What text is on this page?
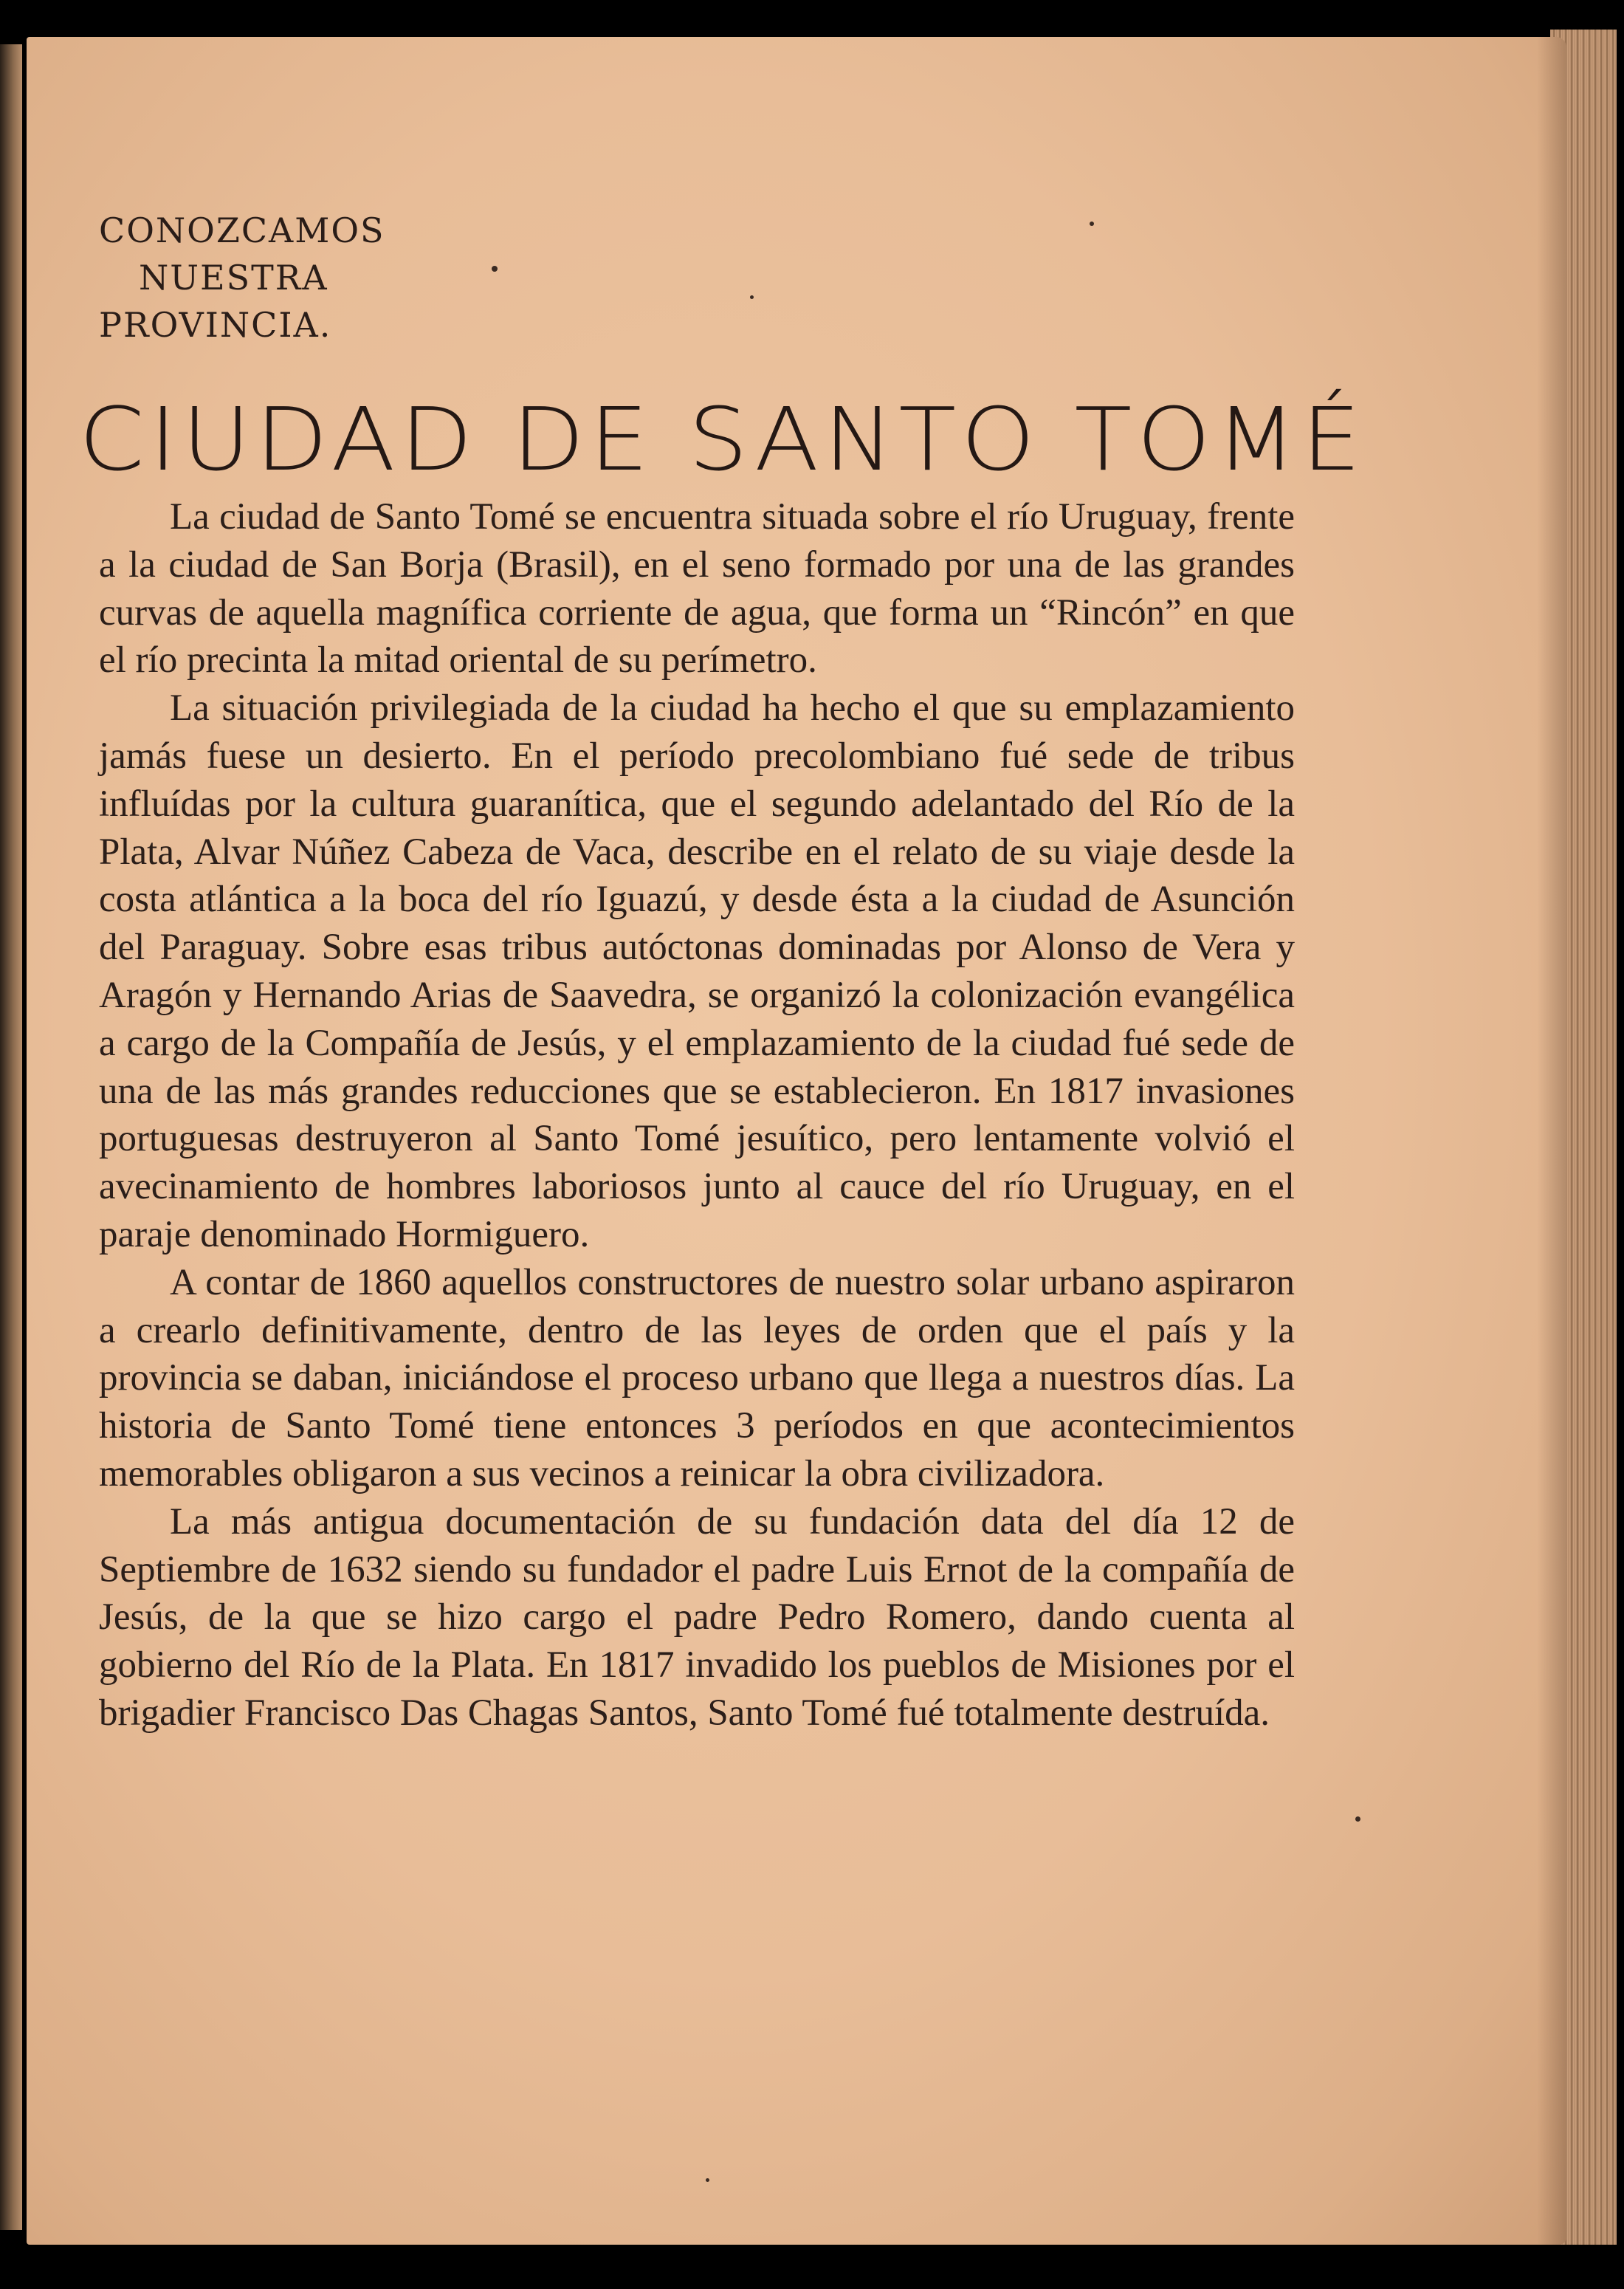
CONOZCAMOS
NUESTRA
PROVINCIA.
CIUDAD DE SANTO TOMÉ

La ciudad de Santo Tomé se encuentra situada sobre el río Uruguay, frente a la ciudad de San Borja (Brasil), en el seno formado por una de las grandes curvas de aquella magnífica corriente de agua, que forma un “Rincón” en que el río precinta la mitad oriental de su perímetro.

La situación privilegiada de la ciudad ha hecho el que su emplazamiento jamás fuese un desierto. En el período precolombiano fué sede de tribus influídas por la cultura guaranítica, que el segundo adelantado del Río de la Plata, Alvar Núñez Cabeza de Vaca, describe en el relato de su viaje desde la costa atlántica a la boca del río Iguazú, y desde ésta a la ciudad de Asunción del Paraguay. Sobre esas tribus autóctonas dominadas por Alonso de Vera y Aragón y Hernando Arias de Saavedra, se organizó la colonización evangélica a cargo de la Compañía de Jesús, y el emplazamiento de la ciudad fué sede de una de las más grandes reducciones que se establecieron. En 1817 invasiones portuguesas destruyeron al Santo Tomé jesuítico, pero lentamente volvió el avecinamiento de hombres laboriosos junto al cauce del río Uruguay, en el paraje denominado Hormiguero.

A contar de 1860 aquellos constructores de nuestro solar urbano aspiraron a crearlo definitivamente, dentro de las leyes de orden que el país y la provincia se daban, iniciándose el proceso urbano que llega a nuestros días. La historia de Santo Tomé tiene entonces 3 períodos en que acontecimientos memorables obligaron a sus vecinos a reinicar la obra civilizadora.

La más antigua documentación de su fundación data del día 12 de Septiembre de 1632 siendo su fundador el padre Luis Ernot de la compañía de Jesús, de la que se hizo cargo el padre Pedro Romero, dando cuenta al gobierno del Río de la Plata. En 1817 invadido los pueblos de Misiones por el brigadier Francisco Das Chagas Santos, Santo Tomé fué totalmente destruída.
